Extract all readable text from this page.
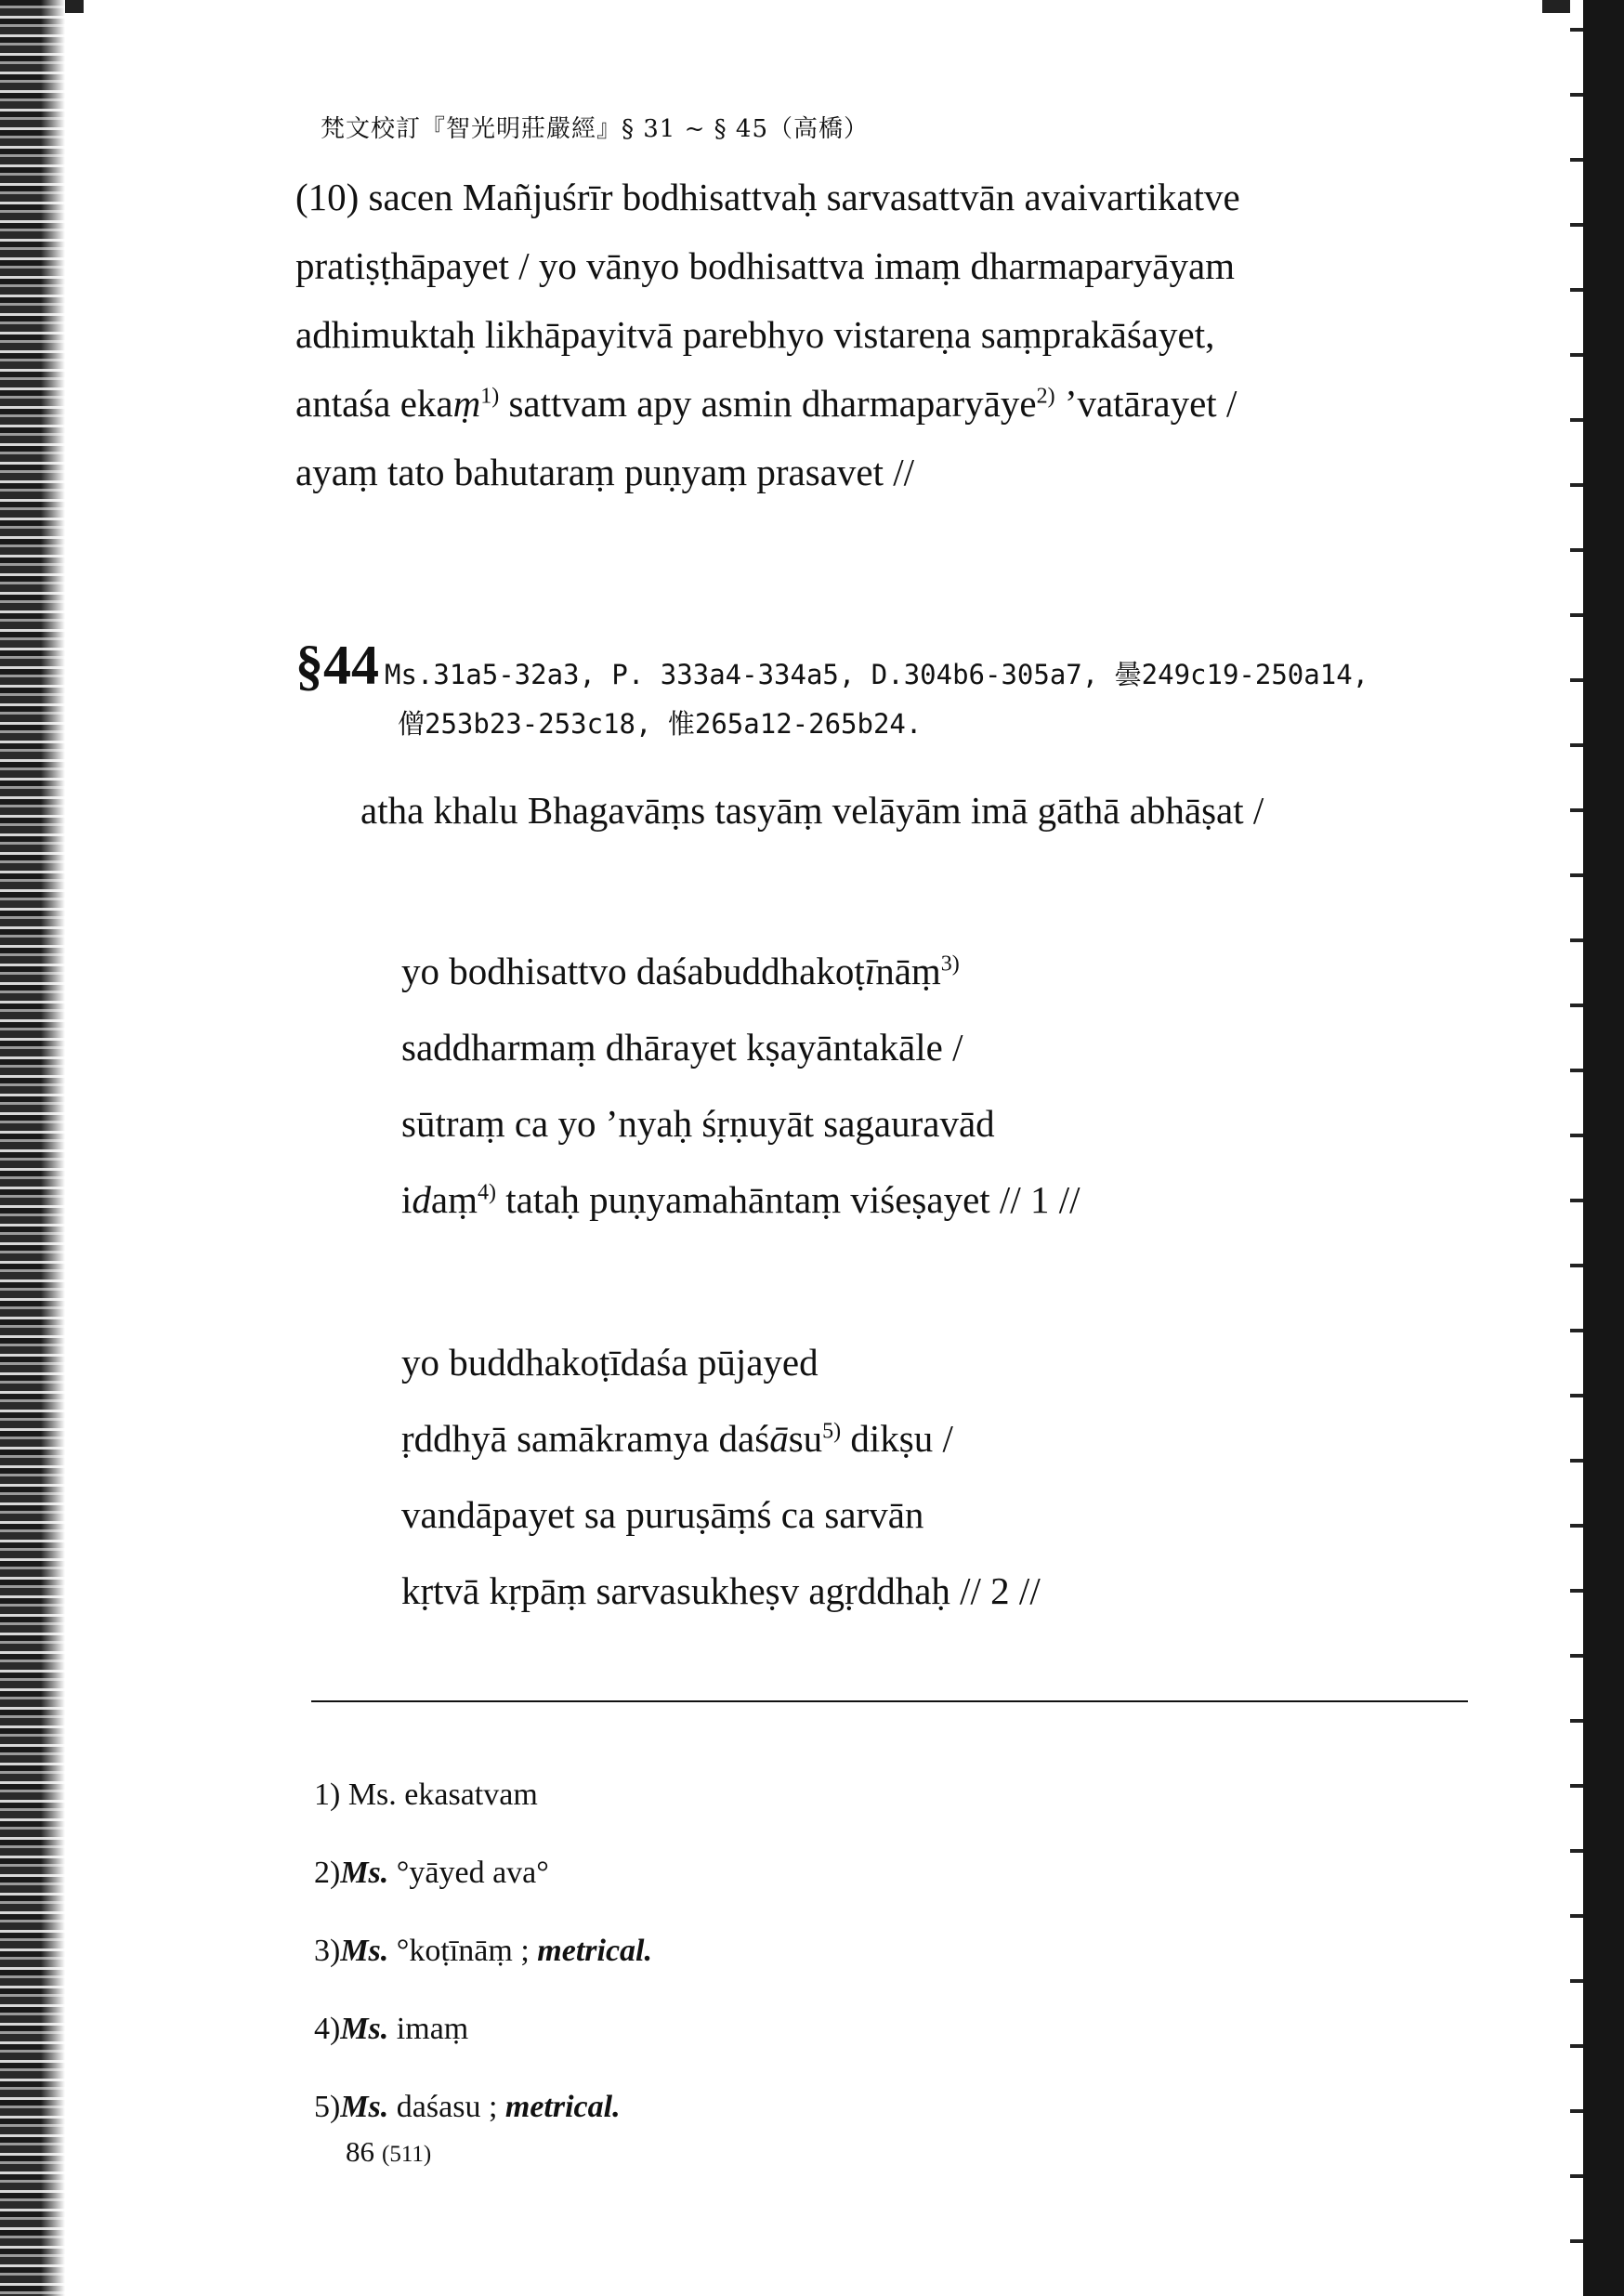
梵文校訂『智光明莊嚴經』§ 31 ~ § 45（高橋）
(10) sacen Mañjuśrīr bodhisattvaḥ sarvasattvān avaivartikatve
pratiṣṭhāpayet / yo vānyo bodhisattva imaṃ dharmaparyāyam
adhimuktaḥ likhāpayitvā parebhyo vistareṇa saṃprakāśayet,
antaśa ekaṃ$^{1)}$ sattvam apy asmin dharmaparyāye$^{2)}$ ’vatārayet /
ayaṃ tato bahutaraṃ puṇyaṃ prasavet //
§44 Ms.31a5-32a3, P. 333a4-334a5, D.304b6-305a7, 曇249c19-250a14,
僧253b23-253c18, 惟265a12-265b24.
atha khalu Bhagavāṃs tasyāṃ velāyām imā gāthā abhāṣat /
yo bodhisattvo daśabuddhakoṭīnāṃ$^{3)}$
saddharmaṃ dhārayet kṣayāntakāle /
sūtraṃ ca yo ’nyaḥ śṛṇuyāt sagauravād
idaṃ$^{4)}$ tataḥ puṇyamahāntaṃ viśeṣayet // 1 //
yo buddhakoṭīdaśa pūjayed
ṛddhyā samākramya daśāsu$^{5)}$ dikṣu /
vandāpayet sa puruṣāṃś ca sarvān
kṛtvā kṛpāṃ sarvasukheṣv agṛddhaḥ // 2 //
1) Ms. ekasatvam
2)Ms. °yāyed ava°
3)Ms. °koṭīnāṃ ; metrical.
4)Ms. imaṃ
5)Ms. daśasu ; metrical.
86 (511)
